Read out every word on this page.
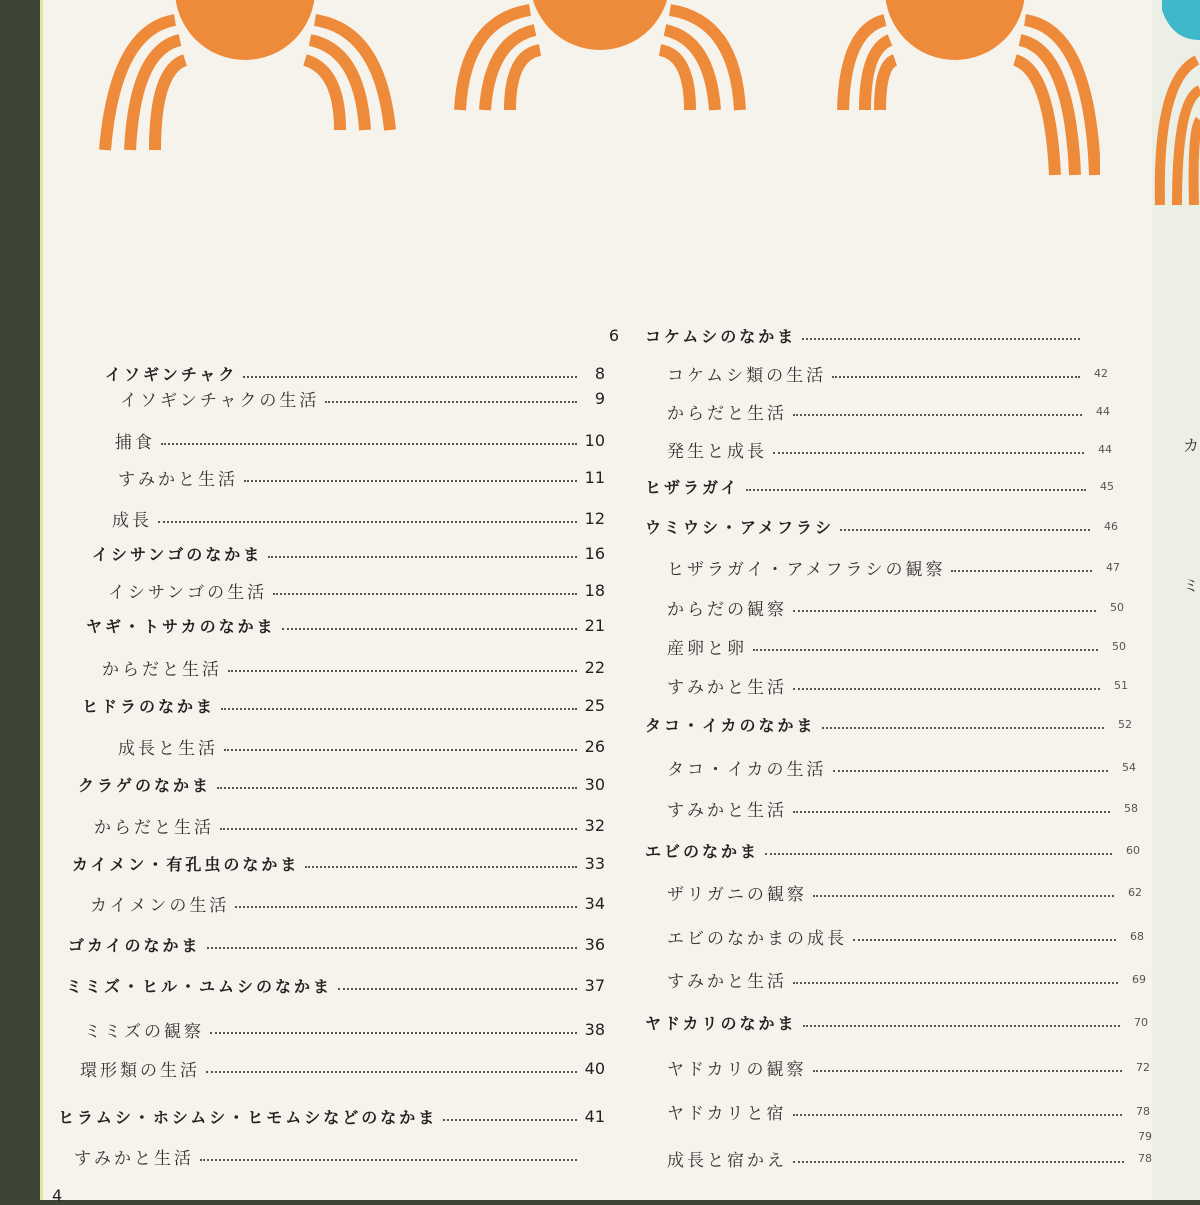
6
イソギンチャク	8
イソギンチャクの生活	9
捕食	10
すみかと生活	11
成長	12
イシサンゴのなかま	16
イシサンゴの生活	18
ヤギ・トサカのなかま	21
からだと生活	22
ヒドラのなかま	25
成長と生活	26
クラゲのなかま	30
からだと生活	32
カイメン・有孔虫のなかま	33
カイメンの生活	34
ゴカイのなかま	36
ミミズ・ヒル・ユムシのなかま	37
ミミズの観察	38
環形類の生活	40
ヒラムシ・ホシムシ・ヒモムシなどのなかま	41
すみかと生活
コケムシのなかま
コケムシ類の生活	42
からだと生活	44
発生と成長	44
ヒザラガイ	45
ウミウシ・アメフラシ	46
ヒザラガイ・アメフラシの観察	47
からだの観察	50
産卵と卵	50
すみかと生活	51
タコ・イカのなかま	52
タコ・イカの生活	54
すみかと生活	58
エビのなかま	60
ザリガニの観察	62
エビのなかまの成長	68
すみかと生活	69
ヤドカリのなかま	70
ヤドカリの観察	72
ヤドカリと宿	78
成長と宿かえ	78
79
カ
ミ
4
